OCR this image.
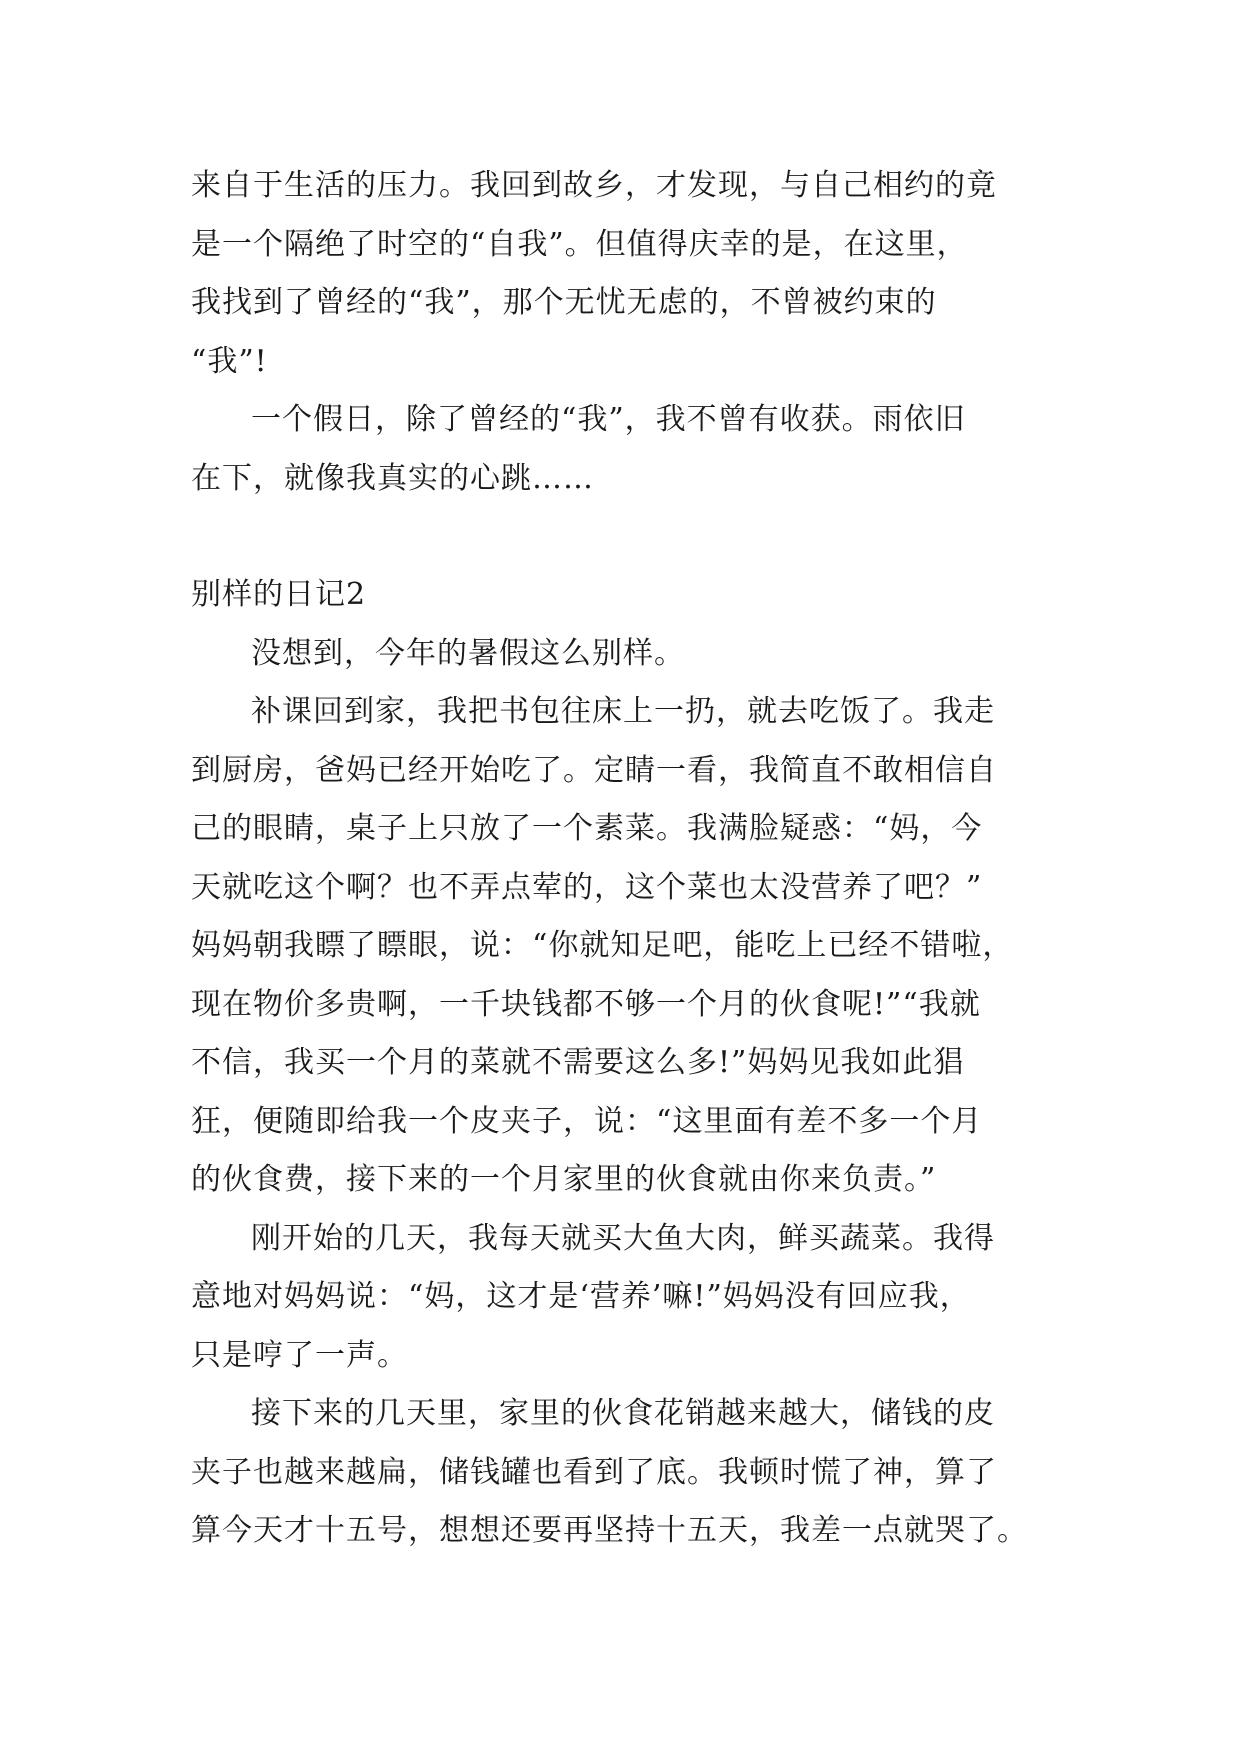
来自于生活的压力。我回到故乡，才发现，与自己相约的竟
是一个隔绝了时空的“自我”。但值得庆幸的是，在这里，
我找到了曾经的“我”，那个无忧无虑的，不曾被约束的
“我”!

一个假日，除了曾经的“我”，我不曾有收获。雨依旧
在下，就像我真实的心跳……

别样的日记2

没想到，今年的暑假这么别样。

补课回到家，我把书包往床上一扔，就去吃饭了。我走
到厨房，爸妈已经开始吃了。定睛一看，我简直不敢相信自
己的眼睛，桌子上只放了一个素菜。我满脸疑惑：“妈，今
天就吃这个啊？也不弄点荤的，这个菜也太没营养了吧？”
妈妈朝我瞟了瞟眼，说：“你就知足吧，能吃上已经不错啦，
现在物价多贵啊，一千块钱都不够一个月的伙食呢!”“我就
不信，我买一个月的菜就不需要这么多!”妈妈见我如此猖
狂，便随即给我一个皮夹子，说：“这里面有差不多一个月
的伙食费，接下来的一个月家里的伙食就由你来负责。”

刚开始的几天，我每天就买大鱼大肉，鲜买蔬菜。我得
意地对妈妈说：“妈，这才是‘营养’嘛!”妈妈没有回应我，
只是哼了一声。

接下来的几天里，家里的伙食花销越来越大，储钱的皮
夹子也越来越扁，储钱罐也看到了底。我顿时慌了神，算了
算今天才十五号，想想还要再坚持十五天，我差一点就哭了。
